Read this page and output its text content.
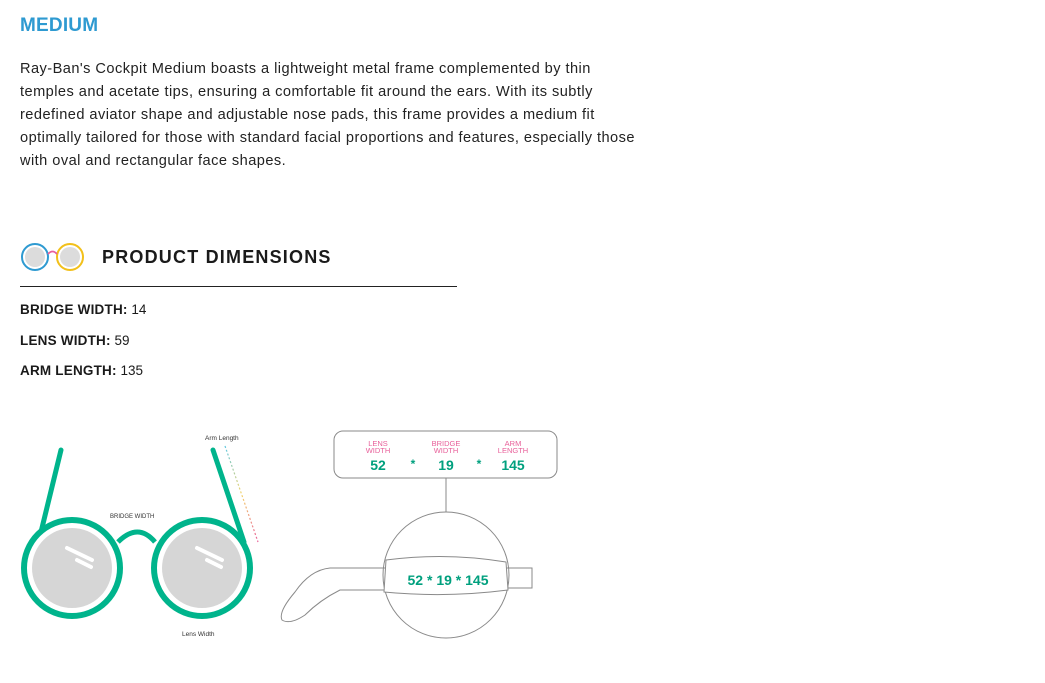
MEDIUM

Ray-Ban's Cockpit Medium boasts a lightweight metal frame complemented by thin temples and acetate tips, ensuring a comfortable fit around the ears. With its subtly redefined aviator shape and adjustable nose pads, this frame provides a medium fit optimally tailored for those with standard facial proportions and features, especially those with oval and rectangular face shapes.

PRODUCT DIMENSIONS
BRIDGE WIDTH: 14
LENS WIDTH: 59
ARM LENGTH: 135
Arm Length
BRIDGE WIDTH
Lens Width
LENS
WIDTH
52 *
BRIDGE
WIDTH
19 *
ARM
LENGTH
145
52 * 19 * 145
